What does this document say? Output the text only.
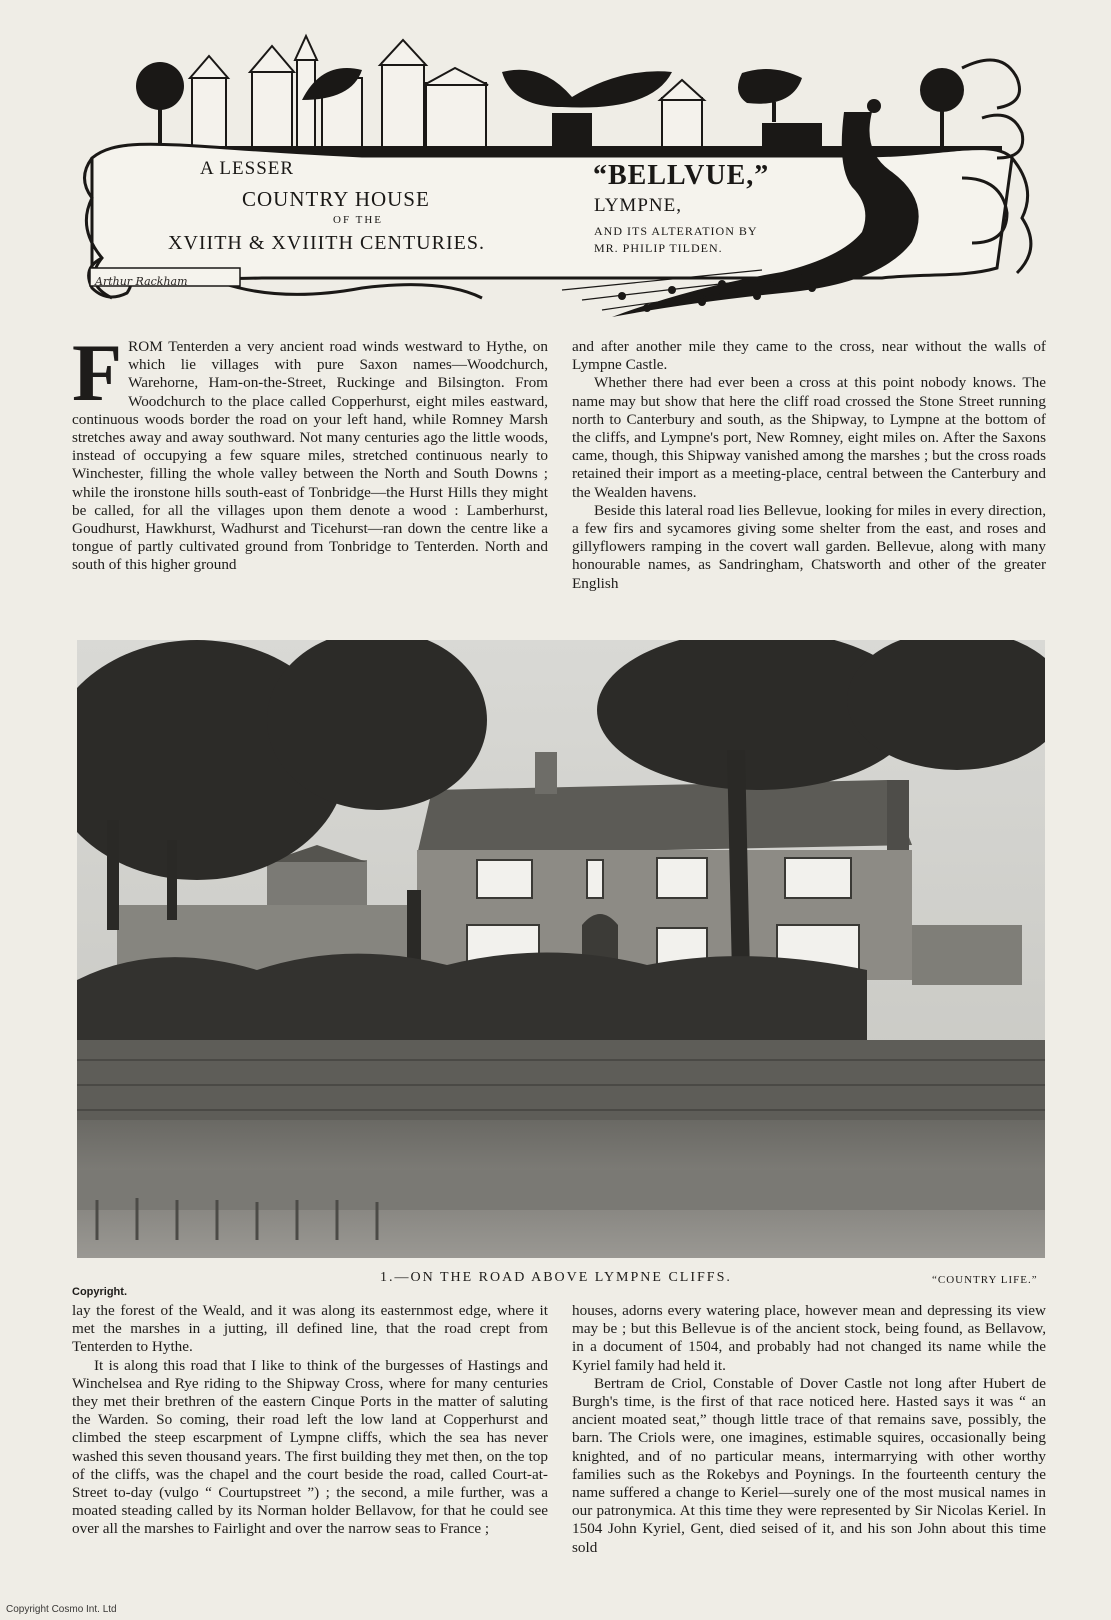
A LESSER
COUNTRY HOUSE
OF THE
XVIITH & XVIIITH CENTURIES.
“BELLVUE,”
LYMPNE,
AND ITS ALTERATION BY
MR. PHILIP TILDEN.
Arthur Rackham
F ROM Tenterden a very ancient road winds westward to Hythe, on which lie villages with pure Saxon names—Woodchurch, Warehorne, Ham-on-the-Street, Ruckinge and Bilsington. From Woodchurch to the place called Copperhurst, eight miles eastward, continuous woods border the road on your left hand, while Romney Marsh stretches away and away southward. Not many centuries ago the little woods, instead of occupying a few square miles, stretched continuous nearly to Winchester, filling the whole valley between the North and South Downs ; while the ironstone hills south-east of Tonbridge—the Hurst Hills they might be called, for all the villages upon them denote a wood : Lamberhurst, Goudhurst, Hawkhurst, Wadhurst and Ticehurst—ran down the centre like a tongue of partly cultivated ground from Tonbridge to Tenterden. North and south of this higher ground

and after another mile they came to the cross, near without the walls of Lympne Castle.

Whether there had ever been a cross at this point nobody knows. The name may but show that here the cliff road crossed the Stone Street running north to Canterbury and south, as the Shipway, to Lympne at the bottom of the cliffs, and Lympne's port, New Romney, eight miles on. After the Saxons came, though, this Shipway vanished among the marshes ; but the cross roads retained their import as a meeting-place, central between the Canterbury and the Wealden havens.

Beside this lateral road lies Bellevue, looking for miles in every direction, a few firs and sycamores giving some shelter from the east, and roses and gillyflowers ramping in the covert wall garden. Bellevue, along with many honourable names, as Sandringham, Chatsworth and other of the greater English

Copyright.
1.—ON THE ROAD ABOVE LYMPNE CLIFFS.	“COUNTRY LIFE.”

lay the forest of the Weald, and it was along its easternmost edge, where it met the marshes in a jutting, ill defined line, that the road crept from Tenterden to Hythe.

It is along this road that I like to think of the burgesses of Hastings and Winchelsea and Rye riding to the Shipway Cross, where for many centuries they met their brethren of the eastern Cinque Ports in the matter of saluting the Warden. So coming, their road left the low land at Copperhurst and climbed the steep escarpment of Lympne cliffs, which the sea has never washed this seven thousand years. The first building they met then, on the top of the cliffs, was the chapel and the court beside the road, called Court-at-Street to-day (vulgo “ Courtupstreet ”) ; the second, a mile further, was a moated steading called by its Norman holder Bellavow, for that he could see over all the marshes to Fairlight and over the narrow seas to France ;

houses, adorns every watering place, however mean and depressing its view may be ; but this Bellevue is of the ancient stock, being found, as Bellavow, in a document of 1504, and probably had not changed its name while the Kyriel family had held it.

Bertram de Criol, Constable of Dover Castle not long after Hubert de Burgh's time, is the first of that race noticed here. Hasted says it was “ an ancient moated seat,” though little trace of that remains save, possibly, the barn. The Criols were, one imagines, estimable squires, occasionally being knighted, and of no particular means, intermarrying with other worthy families such as the Rokebys and Poynings. In the fourteenth century the name suffered a change to Keriel—surely one of the most musical names in our patronymica. At this time they were represented by Sir Nicolas Keriel. In 1504 John Kyriel, Gent, died seised of it, and his son John about this time sold

Copyright Cosmo Int. Ltd
